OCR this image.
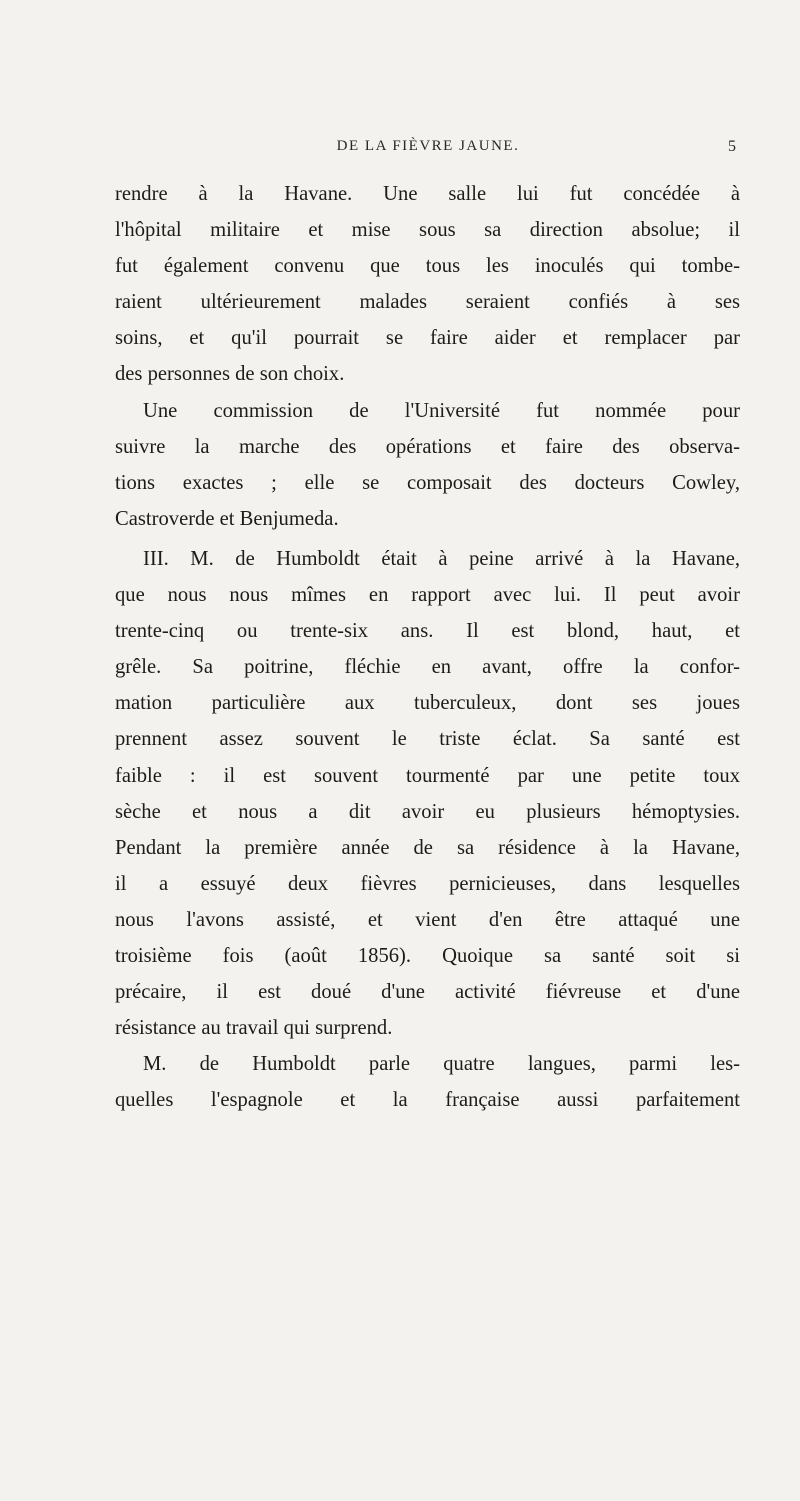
DE LA FIÈVRE JAUNE.	5
rendre à la Havane. Une salle lui fut concédée à
l'hôpital militaire et mise sous sa direction absolue; il
fut également convenu que tous les inoculés qui tombe-
raient ultérieurement malades seraient confiés à ses
soins, et qu'il pourrait se faire aider et remplacer par
des personnes de son choix.
Une commission de l'Université fut nommée pour
suivre la marche des opérations et faire des observa-
tions exactes ; elle se composait des docteurs Cowley,
Castroverde et Benjumeda.
III. M. de Humboldt était à peine arrivé à la Havane,
que nous nous mîmes en rapport avec lui. Il peut avoir
trente-cinq ou trente-six ans. Il est blond, haut, et
grêle. Sa poitrine, fléchie en avant, offre la confor-
mation particulière aux tuberculeux, dont ses joues
prennent assez souvent le triste éclat. Sa santé est
faible : il est souvent tourmenté par une petite toux
sèche et nous a dit avoir eu plusieurs hémoptysies.
Pendant la première année de sa résidence à la Havane,
il a essuyé deux fièvres pernicieuses, dans lesquelles
nous l'avons assisté, et vient d'en être attaqué une
troisième fois (août 1856). Quoique sa santé soit si
précaire, il est doué d'une activité fiévreuse et d'une
résistance au travail qui surprend.
M. de Humboldt parle quatre langues, parmi les-
quelles l'espagnole et la française aussi parfaitement
